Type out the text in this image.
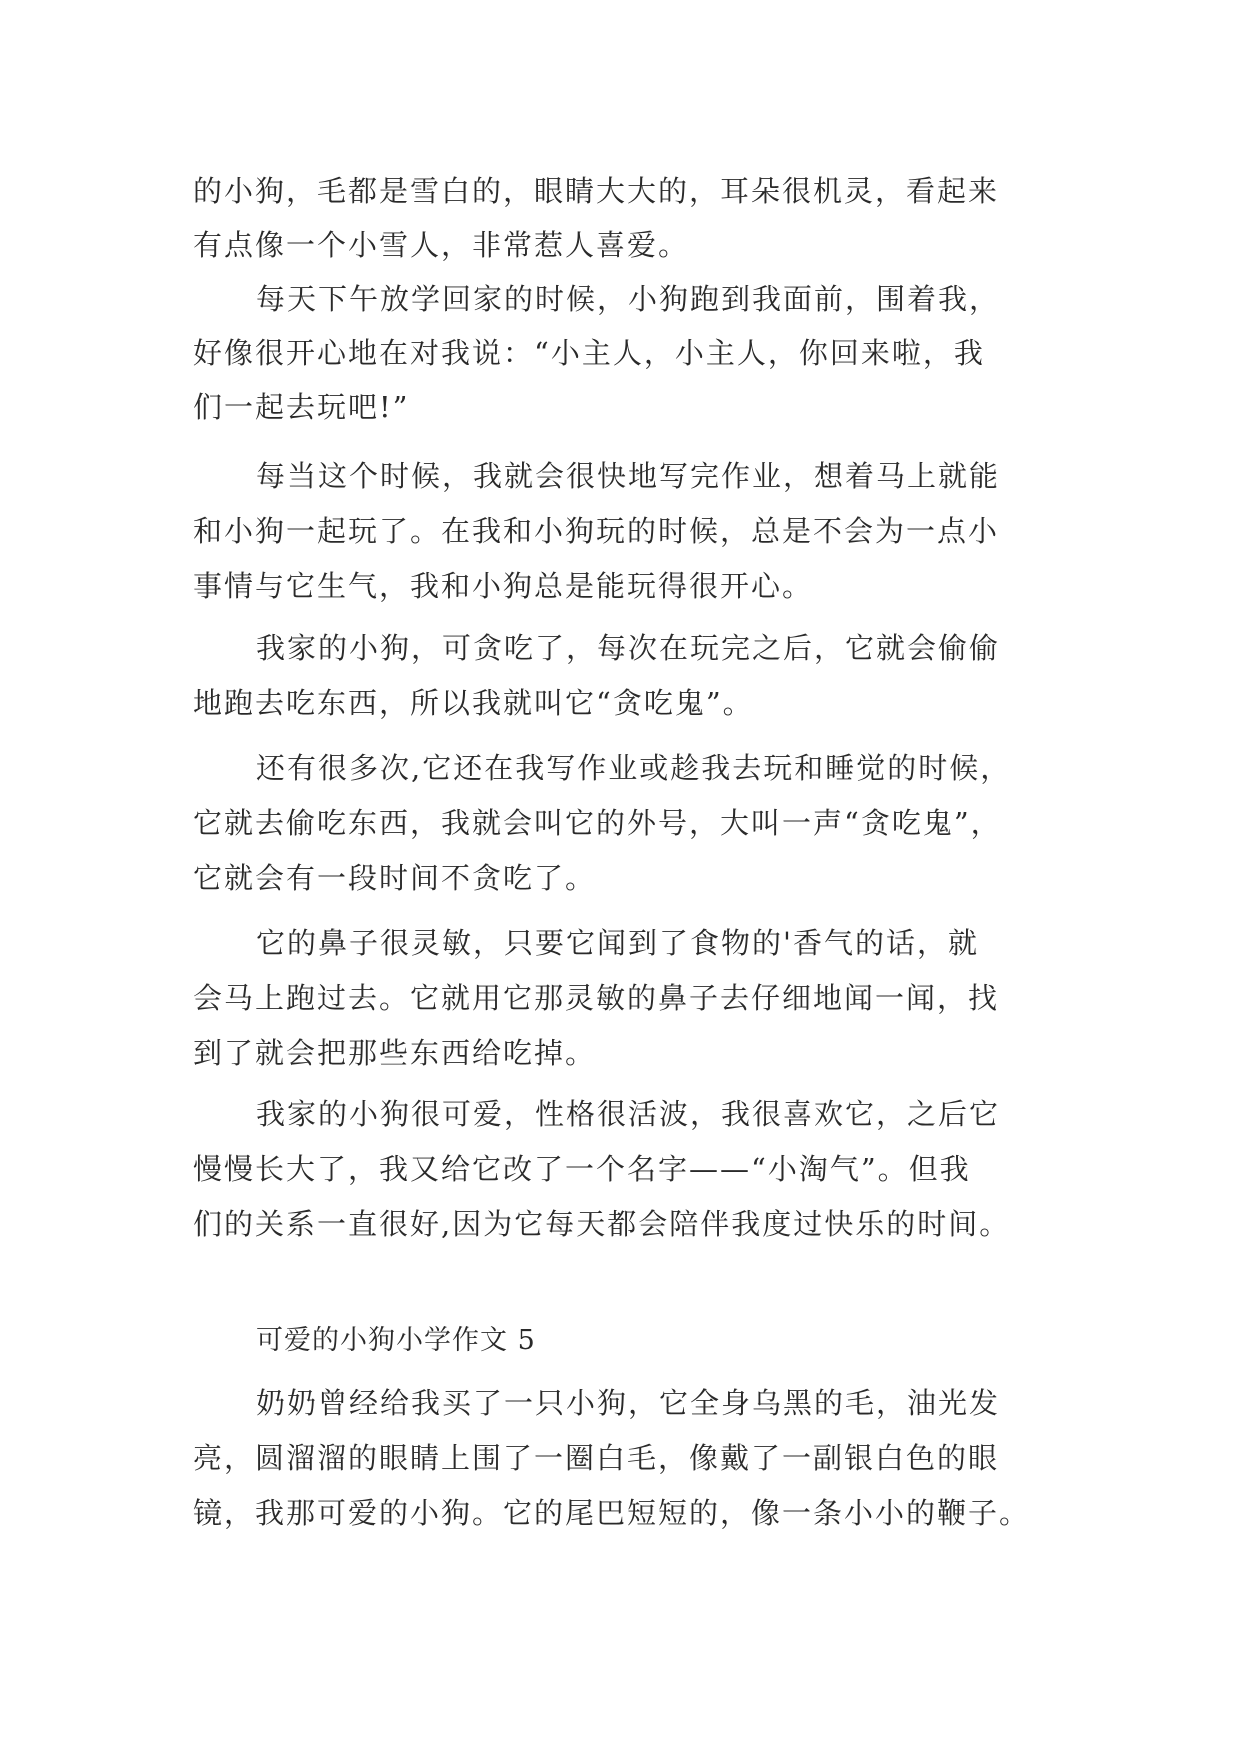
的小狗，毛都是雪白的，眼睛大大的，耳朵很机灵，看起来
有点像一个小雪人，非常惹人喜爱。
每天下午放学回家的时候，小狗跑到我面前，围着我，
好像很开心地在对我说：“小主人，小主人，你回来啦，我
们一起去玩吧!”
每当这个时候，我就会很快地写完作业，想着马上就能
和小狗一起玩了。在我和小狗玩的时候，总是不会为一点小
事情与它生气，我和小狗总是能玩得很开心。
我家的小狗，可贪吃了，每次在玩完之后，它就会偷偷
地跑去吃东西，所以我就叫它“贪吃鬼”。
还有很多次,它还在我写作业或趁我去玩和睡觉的时候，
它就去偷吃东西，我就会叫它的外号，大叫一声“贪吃鬼”，
它就会有一段时间不贪吃了。
它的鼻子很灵敏，只要它闻到了食物的'香气的话，就
会马上跑过去。它就用它那灵敏的鼻子去仔细地闻一闻，找
到了就会把那些东西给吃掉。
我家的小狗很可爱，性格很活波，我很喜欢它，之后它
慢慢长大了，我又给它改了一个名字——“小淘气”。但我
们的关系一直很好,因为它每天都会陪伴我度过快乐的时间。
可爱的小狗小学作文 5
奶奶曾经给我买了一只小狗，它全身乌黑的毛，油光发
亮，圆溜溜的眼睛上围了一圈白毛，像戴了一副银白色的眼
镜，我那可爱的小狗。它的尾巴短短的，像一条小小的鞭子。
